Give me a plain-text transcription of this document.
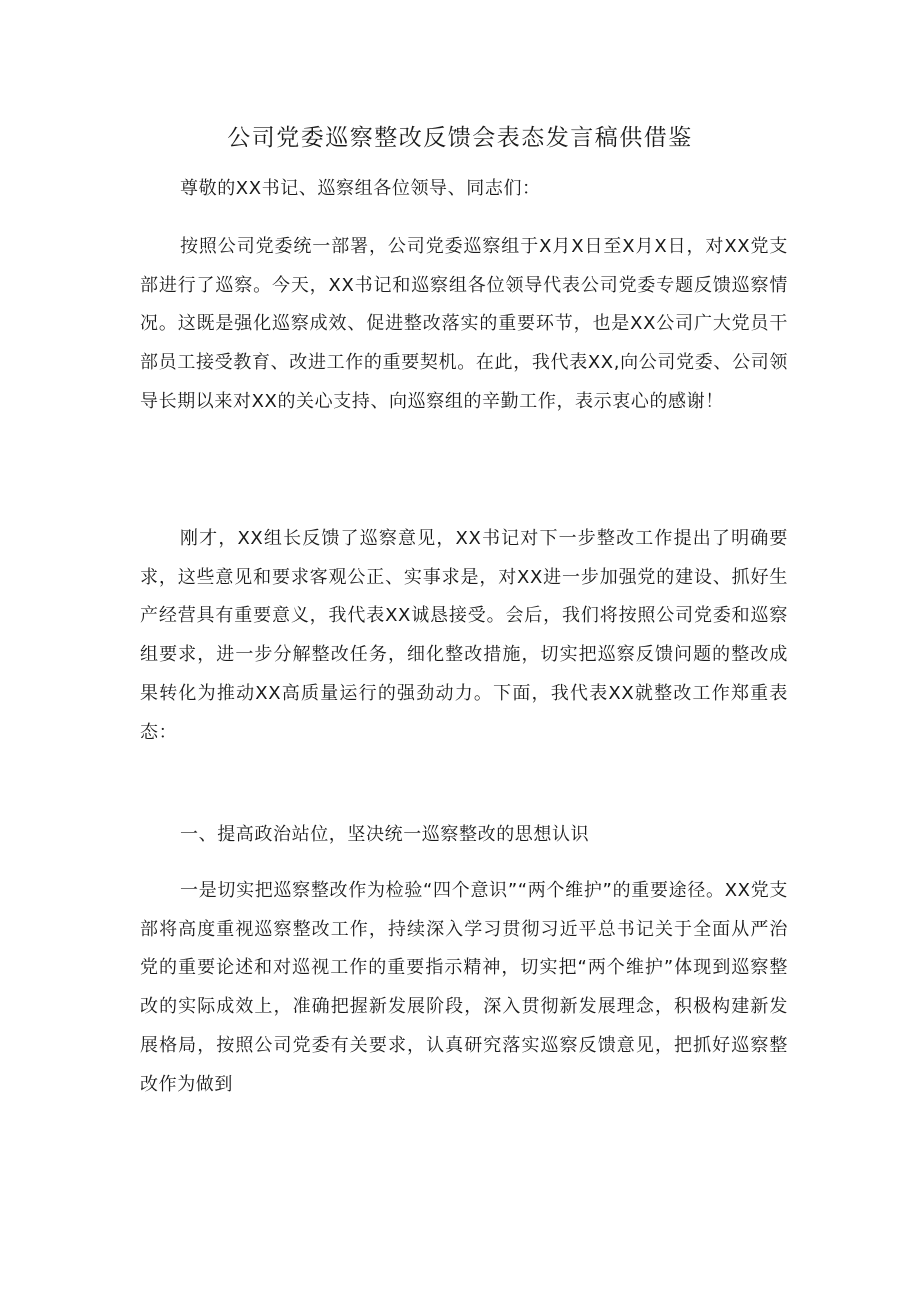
公司党委巡察整改反馈会表态发言稿供借鉴

尊敬的XX书记、巡察组各位领导、同志们：

按照公司党委统一部署，公司党委巡察组于X月X日至X月X日，对XX党支部进行了巡察。今天，XX书记和巡察组各位领导代表公司党委专题反馈巡察情况。这既是强化巡察成效、促进整改落实的重要环节，也是XX公司广大党员干部员工接受教育、改进工作的重要契机。在此，我代表XX,向公司党委、公司领导长期以来对XX的关心支持、向巡察组的辛勤工作，表示衷心的感谢！

刚才，XX组长反馈了巡察意见，XX书记对下一步整改工作提出了明确要求，这些意见和要求客观公正、实事求是，对XX进一步加强党的建设、抓好生产经营具有重要意义，我代表XX诚恳接受。会后，我们将按照公司党委和巡察组要求，进一步分解整改任务，细化整改措施，切实把巡察反馈问题的整改成果转化为推动XX高质量运行的强劲动力。下面，我代表XX就整改工作郑重表态：

一、提高政治站位，坚决统一巡察整改的思想认识

一是切实把巡察整改作为检验“四个意识”“两个维护”的重要途径。XX党支部将高度重视巡察整改工作，持续深入学习贯彻习近平总书记关于全面从严治党的重要论述和对巡视工作的重要指示精神，切实把“两个维护”体现到巡察整改的实际成效上，准确把握新发展阶段，深入贯彻新发展理念，积极构建新发展格局，按照公司党委有关要求，认真研究落实巡察反馈意见，把抓好巡察整改作为做到
